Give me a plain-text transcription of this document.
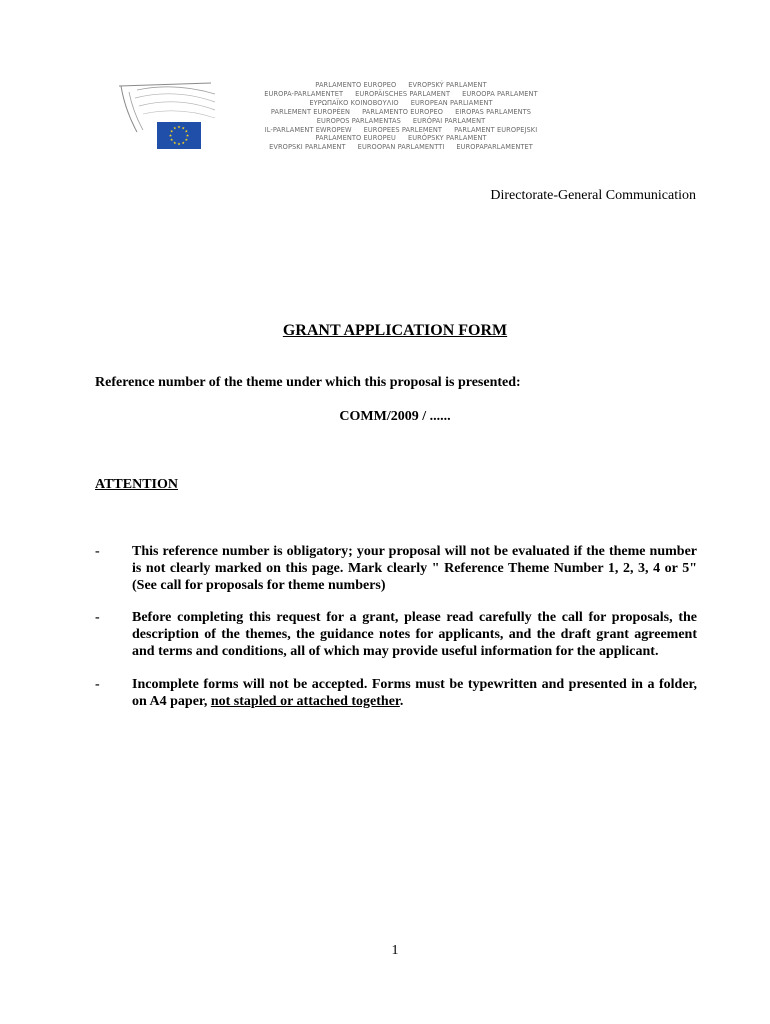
PARLAMENTO EUROPEO EVROPSKÝ PARLAMENT
EUROPA-PARLAMENTET EUROPÄISCHES PARLAMENT EUROOPA PARLAMENT
ΕΥΡΩΠΑΪΚΟ ΚΟΙΝΟΒΟΥΛΙΟ EUROPEAN PARLIAMENT
PARLEMENT EUROPÉEN PARLAMENTO EUROPEO EIROPAS PARLAMENTS
EUROPOS PARLAMENTAS EURÓPAI PARLAMENT
IL-PARLAMENT EWROPEW EUROPEES PARLEMENT PARLAMENT EUROPEJSKI
PARLAMENTO EUROPEU EURÓPSKY PARLAMENT
EVROPSKI PARLAMENT EUROOPAN PARLAMENTTI EUROPAPARLAMENTET
Directorate-General Communication
GRANT APPLICATION FORM
Reference number of the theme under which this proposal is presented:
COMM/2009 / ......
ATTENTION
-	This reference number is obligatory; your proposal will not be evaluated if the theme number is not clearly marked on this page. Mark clearly " Reference Theme Number 1, 2, 3, 4 or 5" (See call for proposals for theme numbers)
-	Before completing this request for a grant, please read carefully the call for proposals, the description of the themes, the guidance notes for applicants, and the draft grant agreement and terms and conditions, all of which may provide useful information for the applicant.
-	Incomplete forms will not be accepted. Forms must be typewritten and presented in a folder, on A4 paper, not stapled or attached together.
1
